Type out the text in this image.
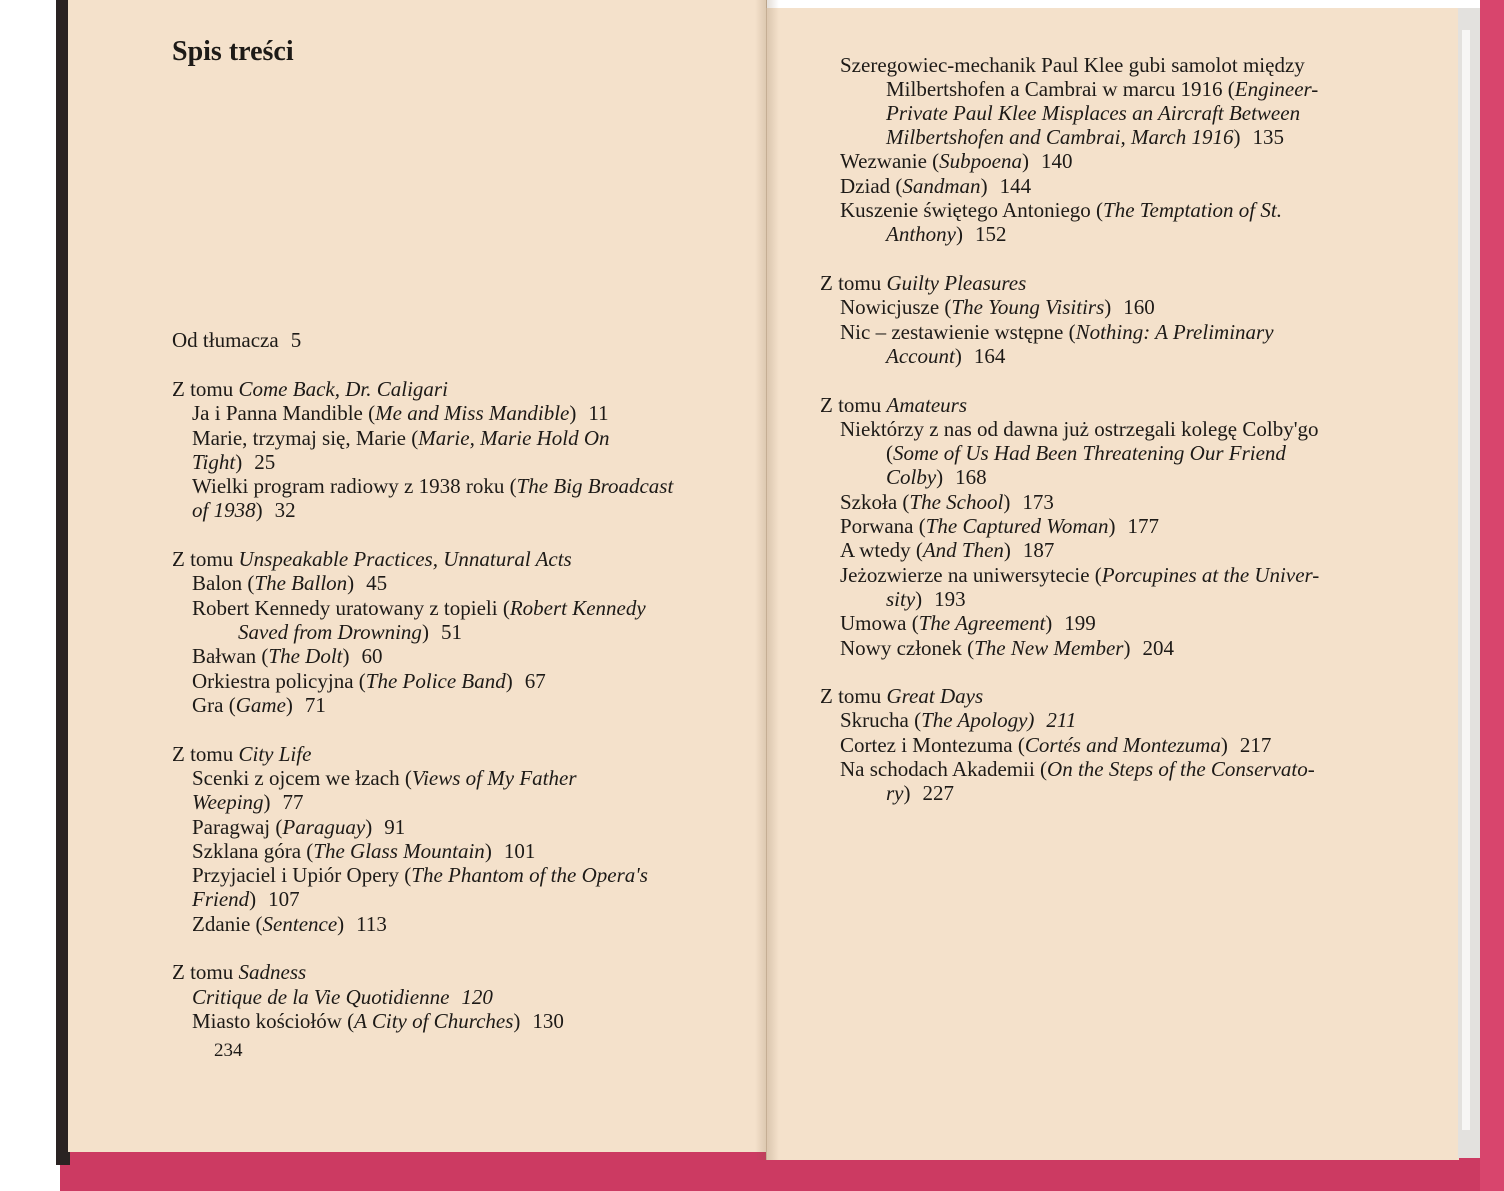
Spis treści
Od tłumacza 5
Z tomu Come Back, Dr. Caligari
Ja i Panna Mandible (Me and Miss Mandible) 11
Marie, trzymaj się, Marie (Marie, Marie Hold On
Tight) 25
Wielki program radiowy z 1938 roku (The Big Broadcast
of 1938) 32
Z tomu Unspeakable Practices, Unnatural Acts
Balon (The Ballon) 45
Robert Kennedy uratowany z topieli (Robert Kennedy
Saved from Drowning) 51
Bałwan (The Dolt) 60
Orkiestra policyjna (The Police Band) 67
Gra (Game) 71
Z tomu City Life
Scenki z ojcem we łzach (Views of My Father
Weeping) 77
Paragwaj (Paraguay) 91
Szklana góra (The Glass Mountain) 101
Przyjaciel i Upiór Opery (The Phantom of the Opera's
Friend) 107
Zdanie (Sentence) 113
Z tomu Sadness
Critique de la Vie Quotidienne 120
Miasto kościołów (A City of Churches) 130
234
Szeregowiec-mechanik Paul Klee gubi samolot między
Milbertshofen a Cambrai w marcu 1916 (Engineer-
Private Paul Klee Misplaces an Aircraft Between
Milbertshofen and Cambrai, March 1916) 135
Wezwanie (Subpoena) 140
Dziad (Sandman) 144
Kuszenie świętego Antoniego (The Temptation of St.
Anthony) 152
Z tomu Guilty Pleasures
Nowicjusze (The Young Visitirs) 160
Nic – zestawienie wstępne (Nothing: A Preliminary
Account) 164
Z tomu Amateurs
Niektórzy z nas od dawna już ostrzegali kolegę Colby'go
(Some of Us Had Been Threatening Our Friend
Colby) 168
Szkoła (The School) 173
Porwana (The Captured Woman) 177
A wtedy (And Then) 187
Jeżozwierze na uniwersytecie (Porcupines at the Univer-
sity) 193
Umowa (The Agreement) 199
Nowy członek (The New Member) 204
Z tomu Great Days
Skrucha (The Apology) 211
Cortez i Montezuma (Cortés and Montezuma) 217
Na schodach Akademii (On the Steps of the Conservato-
ry) 227
